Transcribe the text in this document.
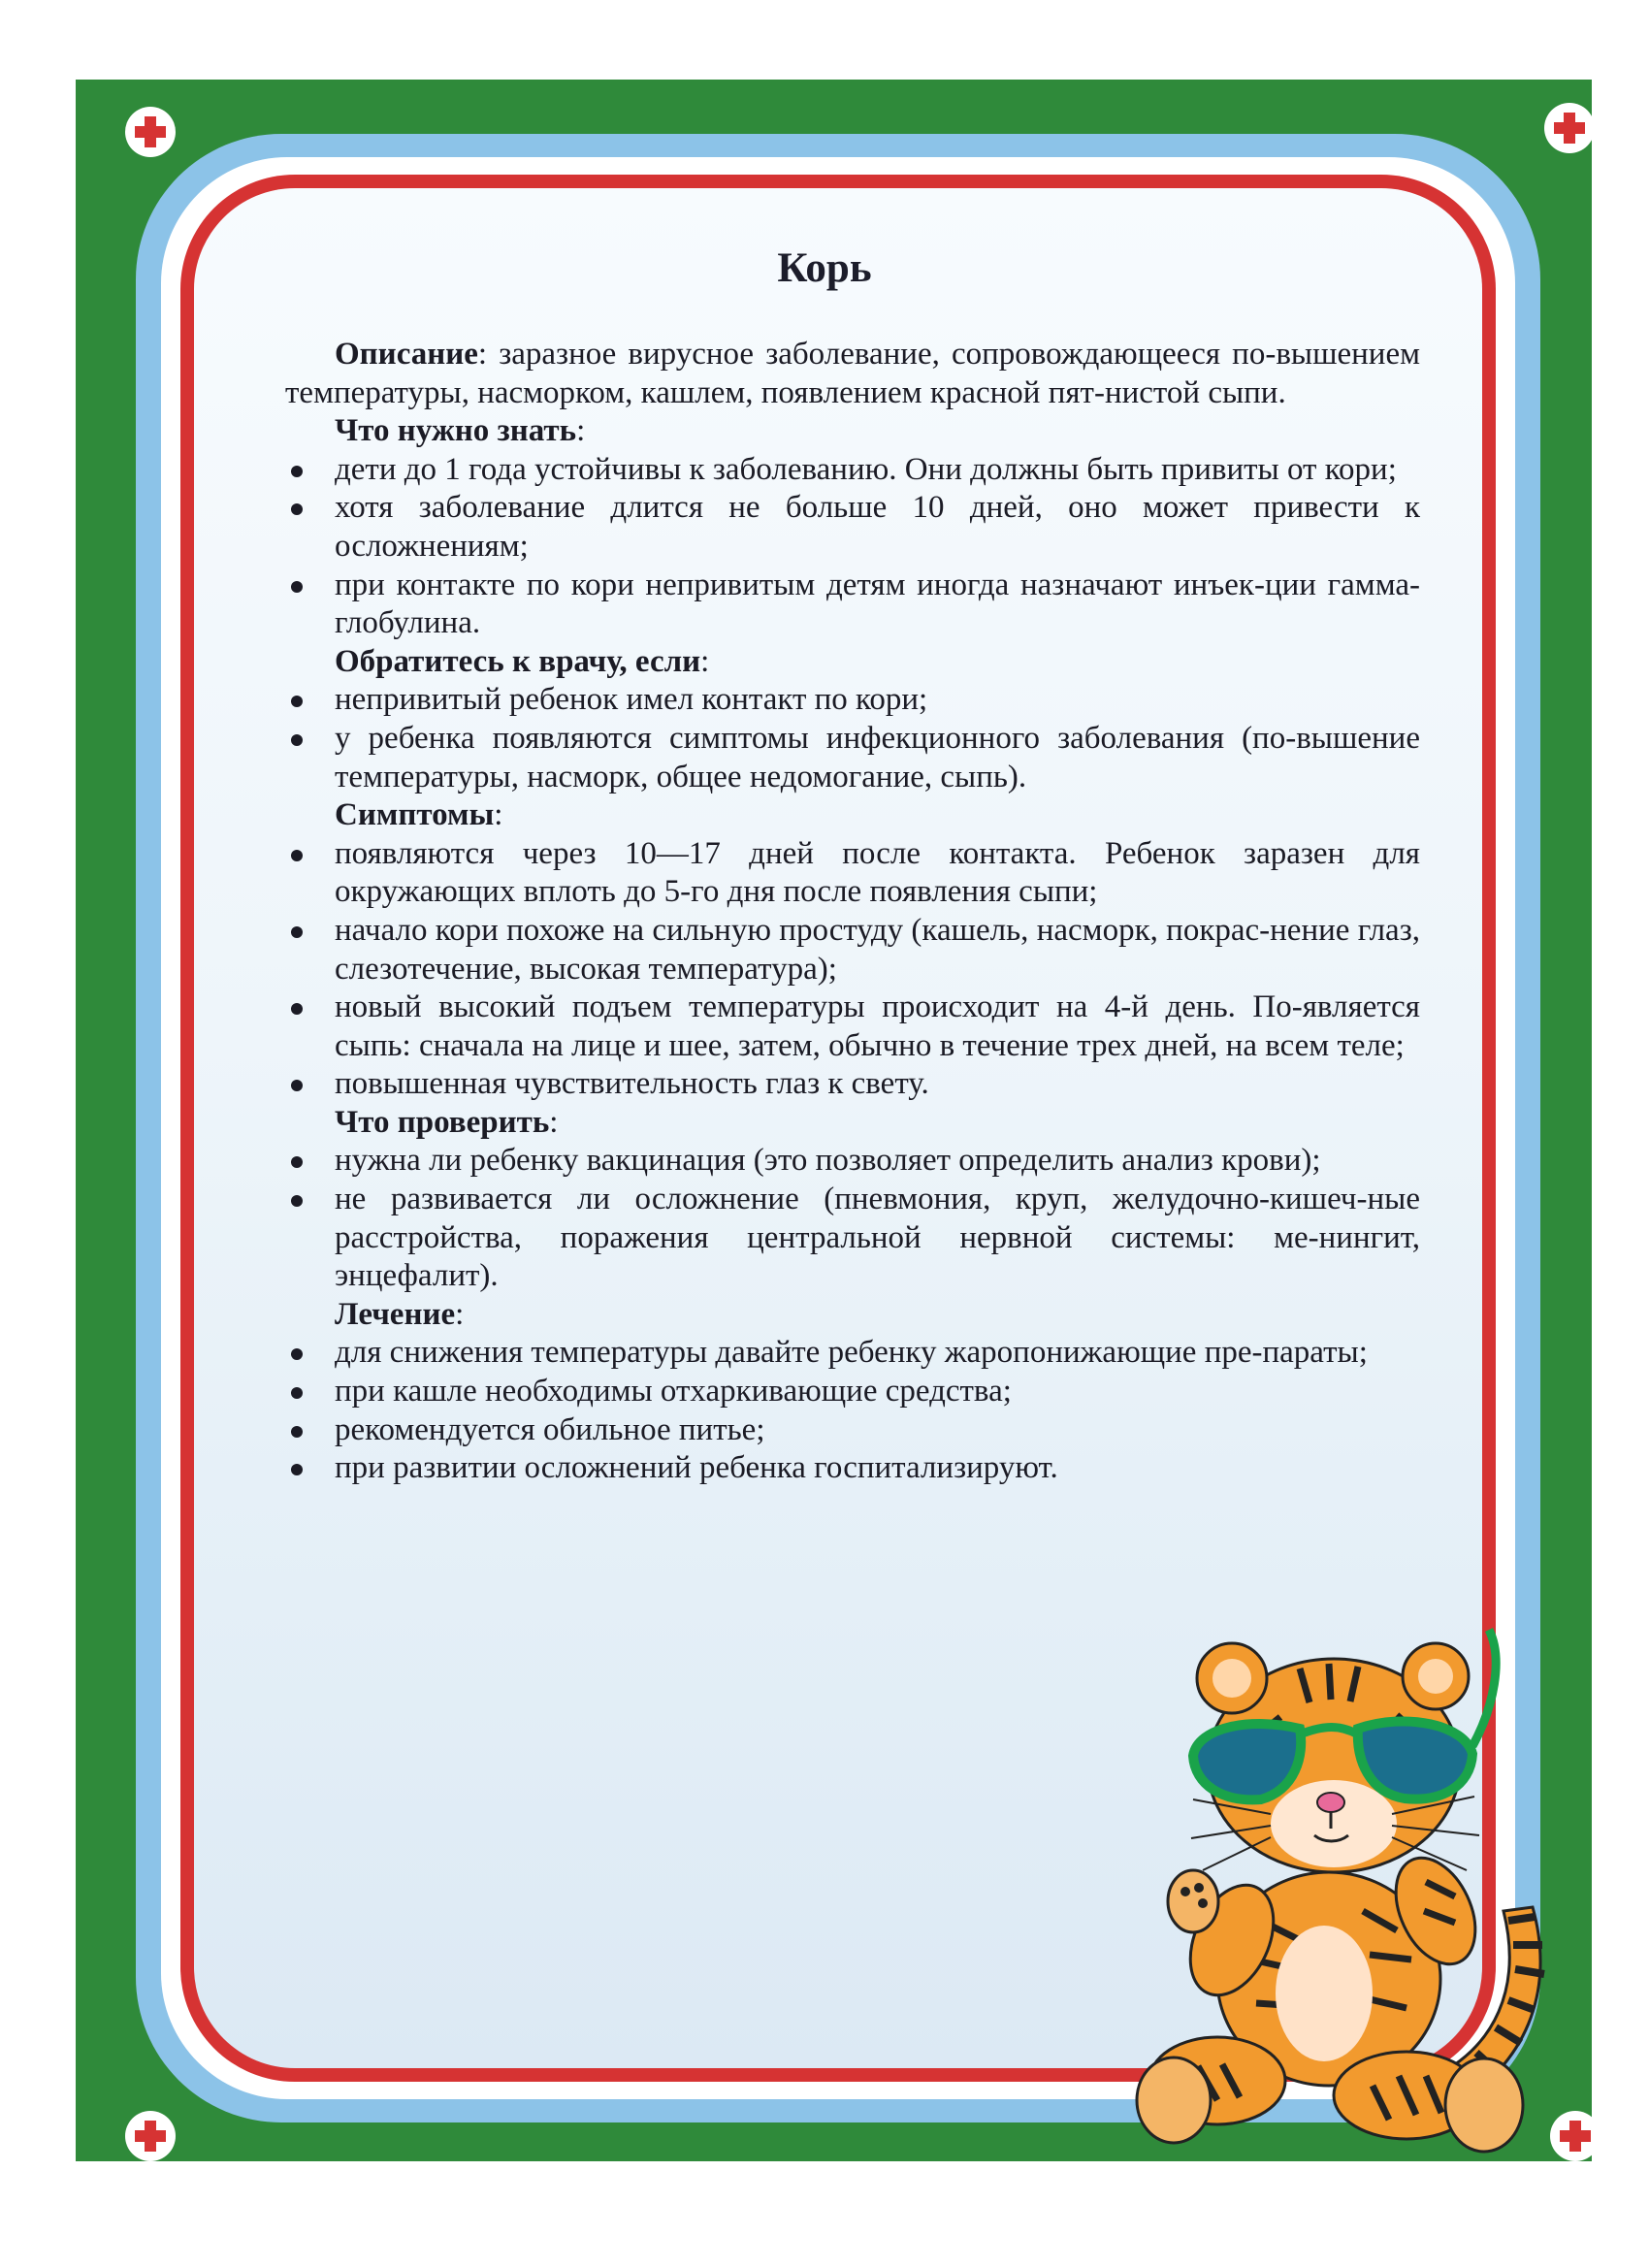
Корь

Описание: заразное вирусное заболевание, сопровождающееся по-вышением температуры, насморком, кашлем, появлением красной пят-нистой сыпи.

Что нужно знать:

дети до 1 года устойчивы к заболеванию. Они должны быть привиты от кори;
хотя заболевание длится не больше 10 дней, оно может привести к осложнениям;
при контакте по кори непривитым детям иногда назначают инъек-ции гамма-глобулина.

Обратитесь к врачу, если:

непривитый ребенок имел контакт по кори;
у ребенка появляются симптомы инфекционного заболевания (по-вышение температуры, насморк, общее недомогание, сыпь).

Симптомы:

появляются через 10—17 дней после контакта. Ребенок заразен для окружающих вплоть до 5-го дня после появления сыпи;
начало кори похоже на сильную простуду (кашель, насморк, покрас-нение глаз, слезотечение, высокая температура);
новый высокий подъем температуры происходит на 4-й день. По-является сыпь: сначала на лице и шее, затем, обычно в течение трех дней, на всем теле;
повышенная чувствительность глаз к свету.

Что проверить:

нужна ли ребенку вакцинация (это позволяет определить анализ крови);
не развивается ли осложнение (пневмония, круп, желудочно-кишеч-ные расстройства, поражения центральной нервной системы: ме-нингит, энцефалит).

Лечение:

для снижения температуры давайте ребенку жаропонижающие пре-параты;
при кашле необходимы отхаркивающие средства;
рекомендуется обильное питье;
при развитии осложнений ребенка госпитализируют.
